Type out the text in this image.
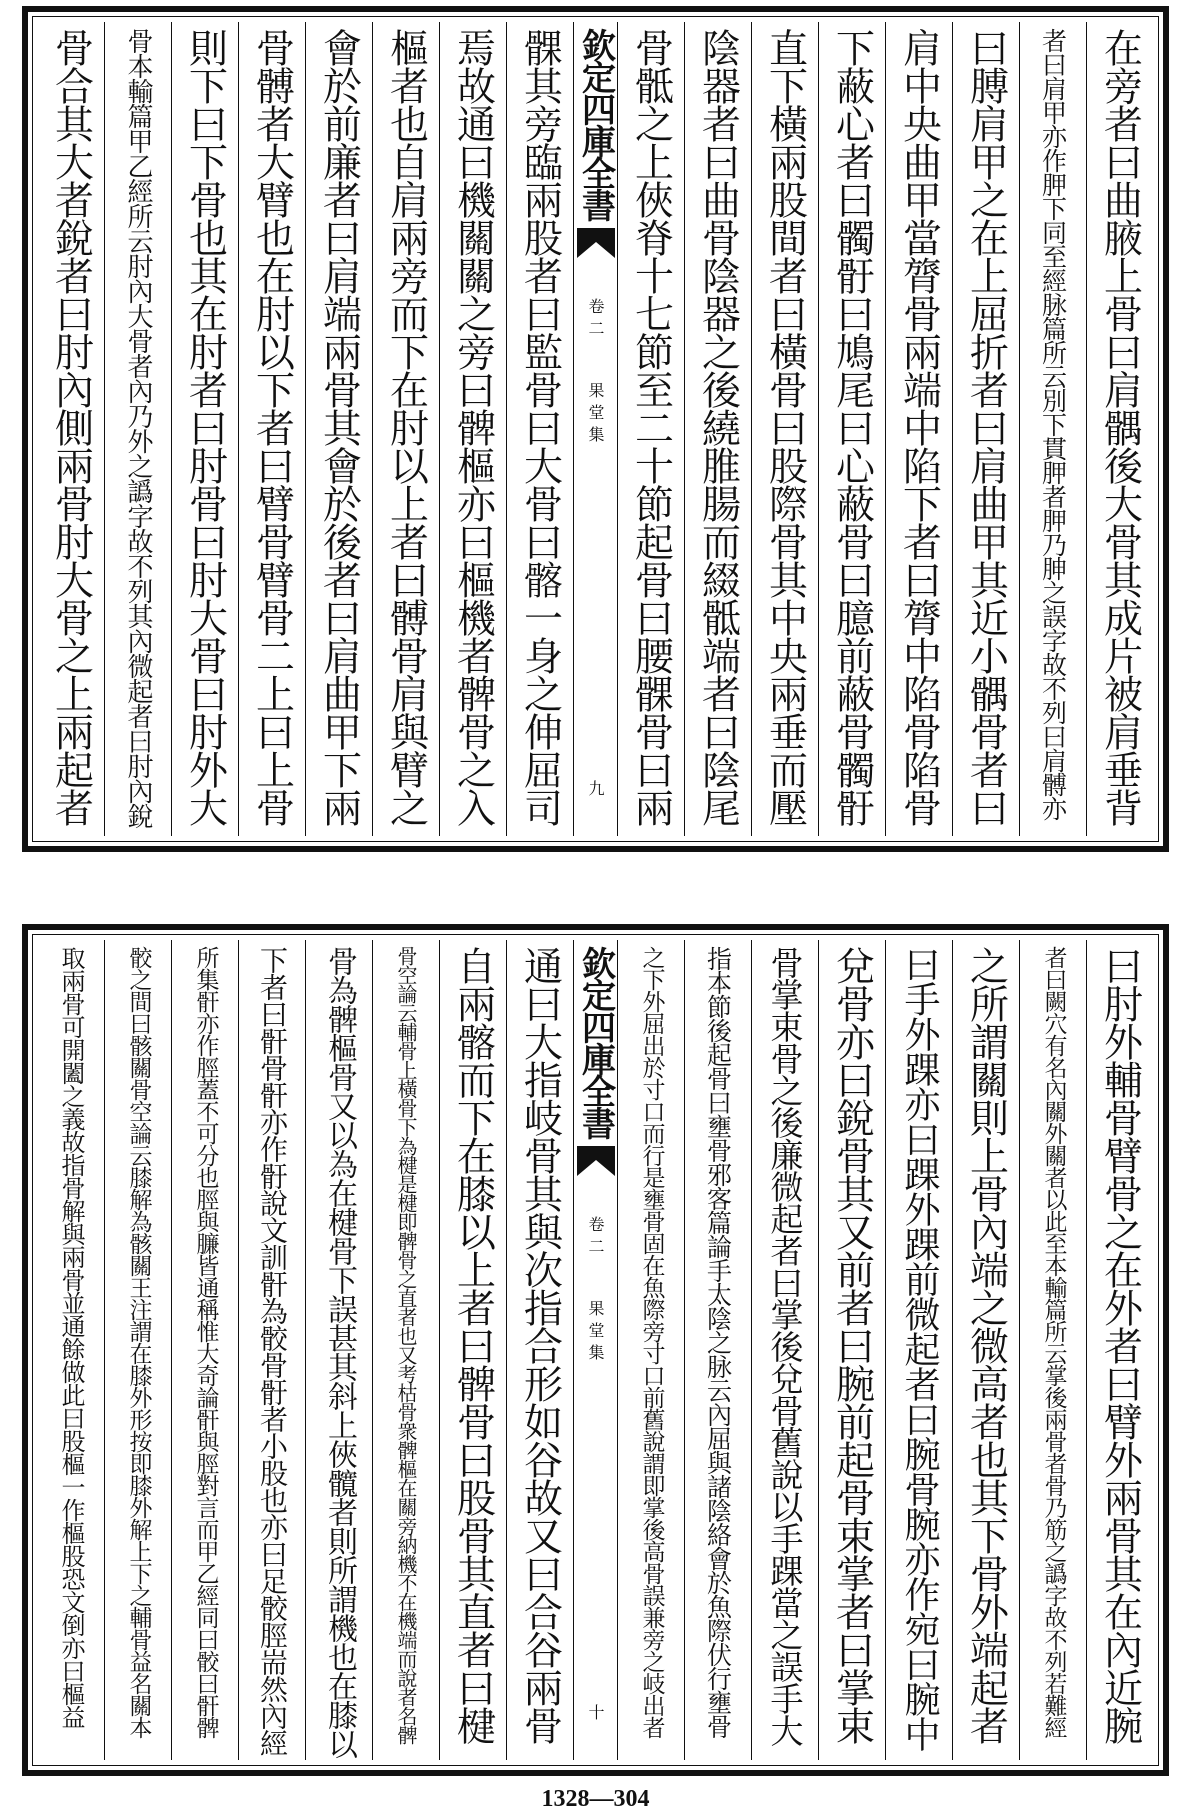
在旁者曰曲腋上骨曰肩髃後大骨其成片被肩垂背
者曰肩甲亦作胛下同至經脉篇所云別下貫胛者胛乃胂之誤字故不列曰肩髆亦
曰膊肩甲之在上屈折者曰肩曲甲其近小髃骨者曰
肩中央曲甲當膂骨兩端中陷下者曰膂中陷骨陷骨
下蔽心者曰髑骬曰鳩尾曰心蔽骨曰臆前蔽骨髑骬
直下橫兩股間者曰橫骨曰股際骨其中央兩垂而壓
陰器者曰曲骨陰器之後繞脽腸而綴骶端者曰陰尾
骨骶之上俠脊十七節至二十節起骨曰腰髁骨曰兩
欽定四庫全書
卷二
果堂集
九
髁其旁臨兩股者曰監骨曰大骨曰髂一身之伸屈司
焉故通曰機關關之旁曰髀樞亦曰樞機者髀骨之入
樞者也自肩兩旁而下在肘以上者曰髆骨肩與臂之
會於前廉者曰肩端兩骨其會於後者曰肩曲甲下兩
骨髆者大臂也在肘以下者曰臂骨臂骨二上曰上骨
則下曰下骨也其在肘者曰肘骨曰肘大骨曰肘外大
骨本輸篇甲乙經所云肘內大骨者內乃外之譌字故不列其內微起者曰肘內銳
骨合其大者銳者曰肘內側兩骨肘大骨之上兩起者
曰肘外輔骨臂骨之在外者曰臂外兩骨其在內近腕
者曰闕穴有名內關外關者以此至本輸篇所云掌後兩骨者骨乃筋之譌字故不列若難經
之所謂關則上骨內端之微高者也其下骨外端起者
曰手外踝亦曰踝外踝前微起者曰腕骨腕亦作宛曰腕中
兌骨亦曰銳骨其又前者曰腕前起骨束掌者曰掌束
骨掌束骨之後廉微起者曰掌後兌骨舊說以手踝當之誤手大
指本節後起骨曰壅骨邪客篇論手太陰之脉云內屈與諸陰絡會於魚際伏行壅骨
之下外屈出於寸口而行是壅骨固在魚際旁寸口前舊說謂即掌後高骨誤兼旁之岐出者
欽定四庫全書
卷二
果堂集
十
通曰大指岐骨其與次指合形如谷故又曰合谷兩骨
自兩髂而下在膝以上者曰髀骨曰股骨其直者曰楗
骨空論云輔骨上橫骨下為楗是楗即髀骨之直者也又考枯骨衆髀樞在關旁納機不在機端而說者名髀
骨為髀樞骨又以為在楗骨下誤甚其斜上俠髖者則所謂機也在膝以
下者曰骭骨骭亦作骬說文訓骭為骹骨骬者小股也亦曰足骹脛耑然內經
所集骭亦作脛蓋不可分也脛與臁皆通稱惟大奇論骭與脛對言而甲乙經同曰骹曰骭髀
骹之間曰骸關骨空論云膝解為骸關王注謂在膝外形按即膝外解上下之輔骨益名關本
取兩骨可開闔之義故指骨解與兩骨並通餘做此曰股樞一作樞股恐文倒亦曰樞益
1328—304
